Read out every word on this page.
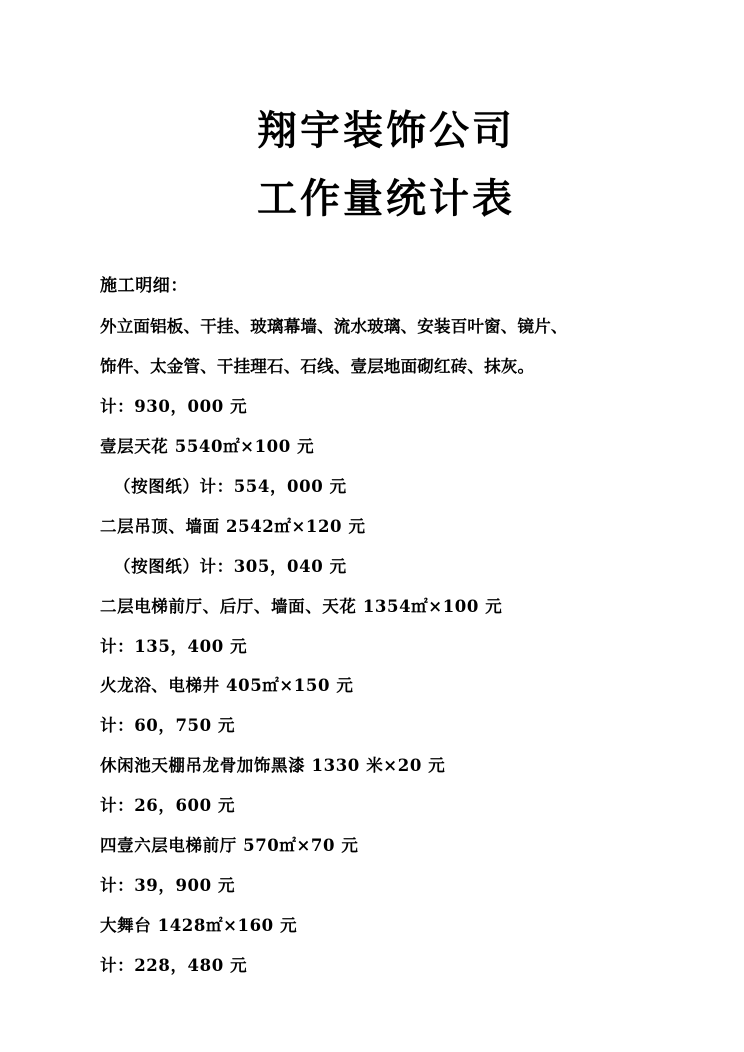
翔宇装饰公司
工作量统计表
施工明细：
外立面铝板、干挂、玻璃幕墙、流水玻璃、安装百叶窗、镜片、
饰件、太金管、干挂理石、石线、壹层地面砌红砖、抹灰。
计：930，000 元
壹层天花 5540㎡×100 元
（按图纸）计：554，000 元
二层吊顶、墙面 2542㎡×120 元
（按图纸）计：305，040 元
二层电梯前厅、后厅、墙面、天花 1354㎡×100 元
计：135，400 元
火龙浴、电梯井 405㎡×150 元
计：60，750 元
休闲池天棚吊龙骨加饰黑漆 1330 米×20 元
计：26，600 元
四壹六层电梯前厅 570㎡×70 元
计：39，900 元
大舞台 1428㎡×160 元
计：228，480 元
